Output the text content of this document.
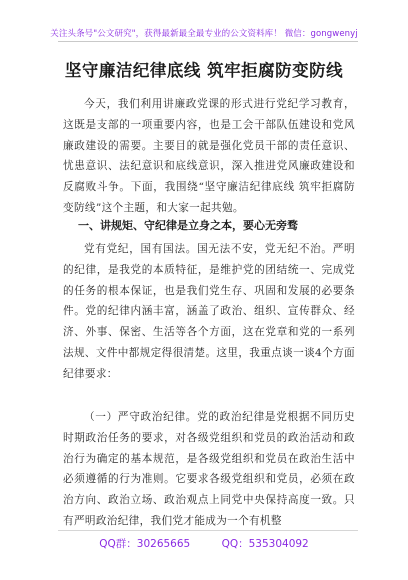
关注头条号"公文研究"，获得最新最全最专业的公文资料库！ 微信：gongwenyj
坚守廉洁纪律底线 筑牢拒腐防变防线
今天，我们利用讲廉政党课的形式进行党纪学习教育，这既是支部的一项重要内容，也是工会干部队伍建设和党风廉政建设的需要。主要目的就是强化党员干部的责任意识、忧患意识、法纪意识和底线意识，深入推进党风廉政建设和反腐败斗争。下面，我围绕“坚守廉洁纪律底线 筑牢拒腐防变防线”这个主题，和大家一起共勉。
一、讲规矩、守纪律是立身之本，要心无旁骛
党有党纪，国有国法。国无法不安，党无纪不治。严明的纪律，是我党的本质特征，是维护党的团结统一、完成党的任务的根本保证，也是我们党生存、巩固和发展的必要条件。党的纪律内涵丰富，涵盖了政治、组织、宣传群众、经济、外事、保密、生活等各个方面，这在党章和党的一系列法规、文件中都规定得很清楚。这里，我重点谈一谈4个方面纪律要求：
（一）严守政治纪律。党的政治纪律是党根据不同历史时期政治任务的要求，对各级党组织和党员的政治活动和政治行为确定的基本规范，是各级党组织和党员在政治生活中必须遵循的行为准则。它要求各级党组织和党员，必须在政治方向、政治立场、政治观点上同党中央保持高度一致。只有严明政治纪律，我们党才能成为一个有机整
QQ群：30265665	QQ：535304092
